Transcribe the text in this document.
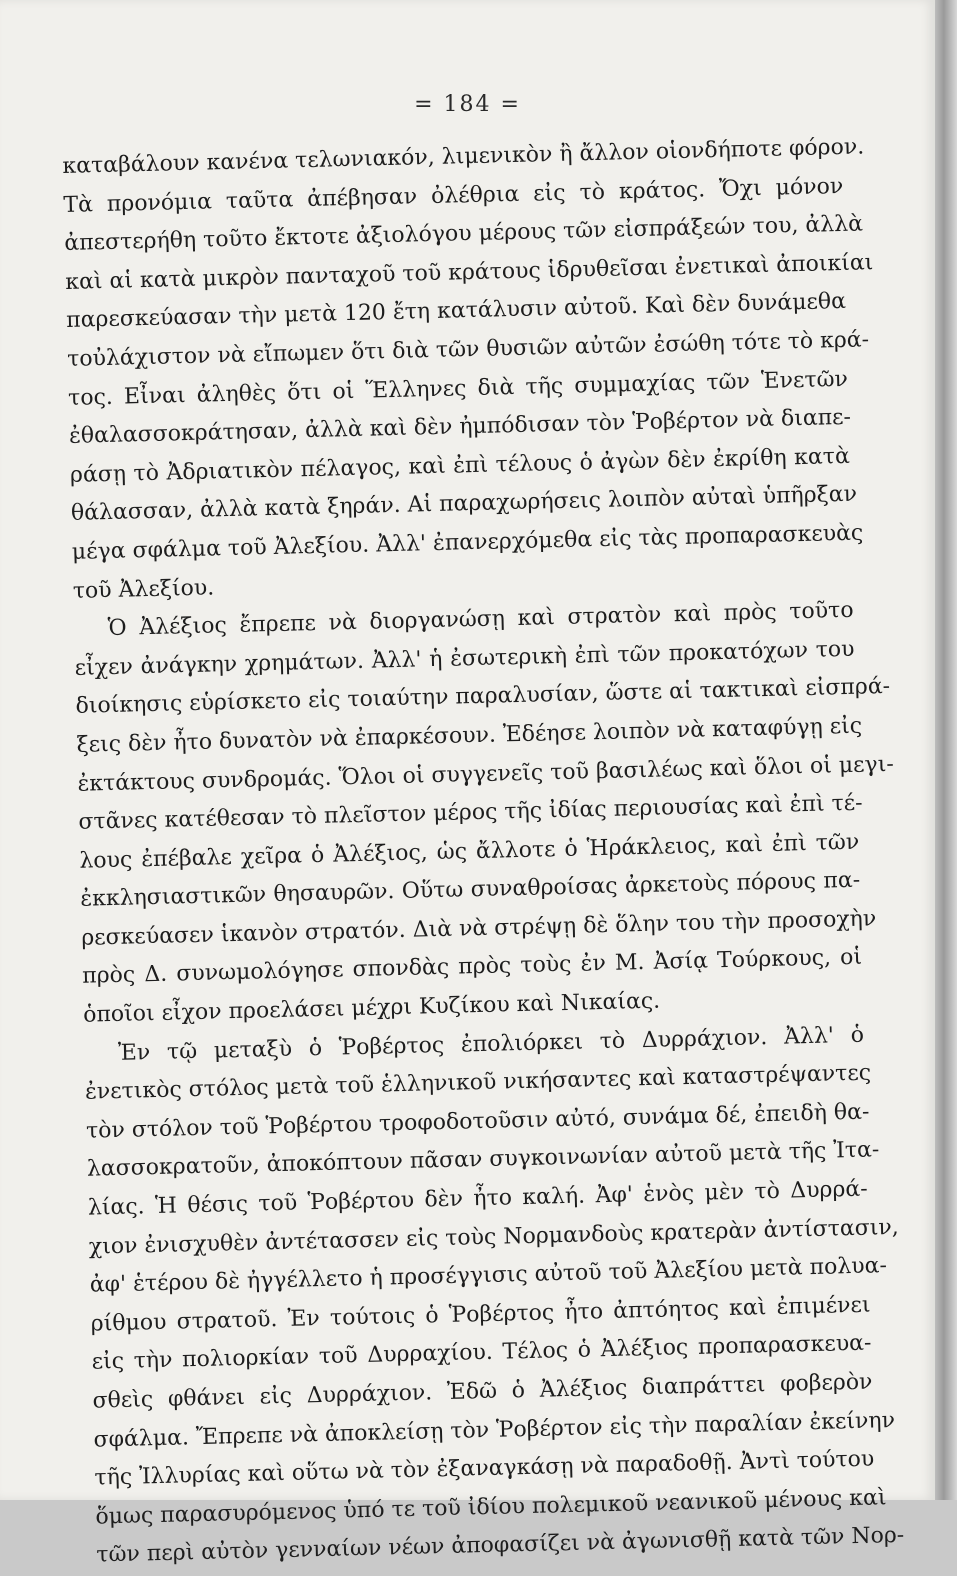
= 184 =
καταβάλουν κανένα τελωνιακόν, λιμενικὸν ἢ ἄλλον οἱονδήποτε φόρον.
Τὰ προνόμια ταῦτα ἀπέβησαν ὀλέθρια εἰς τὸ κράτος. Ὄχι μόνον
ἀπεστερήθη τοῦτο ἔκτοτε ἀξιολόγου μέρους τῶν εἰσπράξεών του, ἀλλὰ
καὶ αἱ κατὰ μικρὸν πανταχοῦ τοῦ κράτους ἱδρυθεῖσαι ἐνετικαὶ ἀποικίαι
παρεσκεύασαν τὴν μετὰ 120 ἔτη κατάλυσιν αὐτοῦ. Καὶ δὲν δυνάμεθα
τοὐλάχιστον νὰ εἴπωμεν ὅτι διὰ τῶν θυσιῶν αὐτῶν ἐσώθη τότε τὸ κρά-
τος. Εἶναι ἀληθὲς ὅτι οἱ Ἕλληνες διὰ τῆς συμμαχίας τῶν Ἑνετῶν
ἐθαλασσοκράτησαν, ἀλλὰ καὶ δὲν ἠμπόδισαν τὸν Ῥοβέρτον νὰ διαπε-
ράσῃ τὸ Ἀδριατικὸν πέλαγος, καὶ ἐπὶ τέλους ὁ ἀγὼν δὲν ἐκρίθη κατὰ
θάλασσαν, ἀλλὰ κατὰ ξηράν. Αἱ παραχωρήσεις λοιπὸν αὐταὶ ὑπῆρξαν
μέγα σφάλμα τοῦ Ἀλεξίου. Ἀλλ' ἐπανερχόμεθα εἰς τὰς προπαρασκευὰς
τοῦ Ἀλεξίου.
Ὁ Ἀλέξιος ἔπρεπε νὰ διοργανώσῃ καὶ στρατὸν καὶ πρὸς τοῦτο
εἶχεν ἀνάγκην χρημάτων. Ἀλλ' ἡ ἐσωτερικὴ ἐπὶ τῶν προκατόχων του
διοίκησις εὑρίσκετο εἰς τοιαύτην παραλυσίαν, ὥστε αἱ τακτικαὶ εἰσπρά-
ξεις δὲν ἦτο δυνατὸν νὰ ἐπαρκέσουν. Ἐδέησε λοιπὸν νὰ καταφύγῃ εἰς
ἐκτάκτους συνδρομάς. Ὅλοι οἱ συγγενεῖς τοῦ βασιλέως καὶ ὅλοι οἱ μεγι-
στᾶνες κατέθεσαν τὸ πλεῖστον μέρος τῆς ἰδίας περιουσίας καὶ ἐπὶ τέ-
λους ἐπέβαλε χεῖρα ὁ Ἀλέξιος, ὡς ἄλλοτε ὁ Ἡράκλειος, καὶ ἐπὶ τῶν
ἐκκλησιαστικῶν θησαυρῶν. Οὕτω συναθροίσας ἀρκετοὺς πόρους πα-
ρεσκεύασεν ἱκανὸν στρατόν. Διὰ νὰ στρέψῃ δὲ ὅλην του τὴν προσοχὴν
πρὸς Δ. συνωμολόγησε σπονδὰς πρὸς τοὺς ἐν Μ. Ἀσίᾳ Τούρκους, οἱ
ὁποῖοι εἶχον προελάσει μέχρι Κυζίκου καὶ Νικαίας.
Ἐν τῷ μεταξὺ ὁ Ῥοβέρτος ἐπολιόρκει τὸ Δυρράχιον. Ἀλλ' ὁ
ἐνετικὸς στόλος μετὰ τοῦ ἑλληνικοῦ νικήσαντες καὶ καταστρέψαντες
τὸν στόλον τοῦ Ῥοβέρτου τροφοδοτοῦσιν αὐτό, συνάμα δέ, ἐπειδὴ θα-
λασσοκρατοῦν, ἀποκόπτουν πᾶσαν συγκοινωνίαν αὐτοῦ μετὰ τῆς Ἰτα-
λίας. Ἡ θέσις τοῦ Ῥοβέρτου δὲν ἦτο καλή. Ἀφ' ἑνὸς μὲν τὸ Δυρρά-
χιον ἐνισχυθὲν ἀντέτασσεν εἰς τοὺς Νορμανδοὺς κρατερὰν ἀντίστασιν,
ἀφ' ἑτέρου δὲ ἠγγέλλετο ἡ προσέγγισις αὐτοῦ τοῦ Ἀλεξίου μετὰ πολυα-
ρίθμου στρατοῦ. Ἐν τούτοις ὁ Ῥοβέρτος ἦτο ἀπτόητος καὶ ἐπιμένει
εἰς τὴν πολιορκίαν τοῦ Δυρραχίου. Τέλος ὁ Ἀλέξιος προπαρασκευα-
σθεὶς φθάνει εἰς Δυρράχιον. Ἐδῶ ὁ Ἀλέξιος διαπράττει φοβερὸν
σφάλμα. Ἔπρεπε νὰ ἀποκλείσῃ τὸν Ῥοβέρτον εἰς τὴν παραλίαν ἐκείνην
τῆς Ἰλλυρίας καὶ οὕτω νὰ τὸν ἐξαναγκάσῃ νὰ παραδοθῇ. Ἀντὶ τούτου
ὅμως παρασυρόμενος ὑπό τε τοῦ ἰδίου πολεμικοῦ νεανικοῦ μένους καὶ
τῶν περὶ αὐτὸν γενναίων νέων ἀποφασίζει νὰ ἀγωνισθῇ κατὰ τῶν Νορ-
